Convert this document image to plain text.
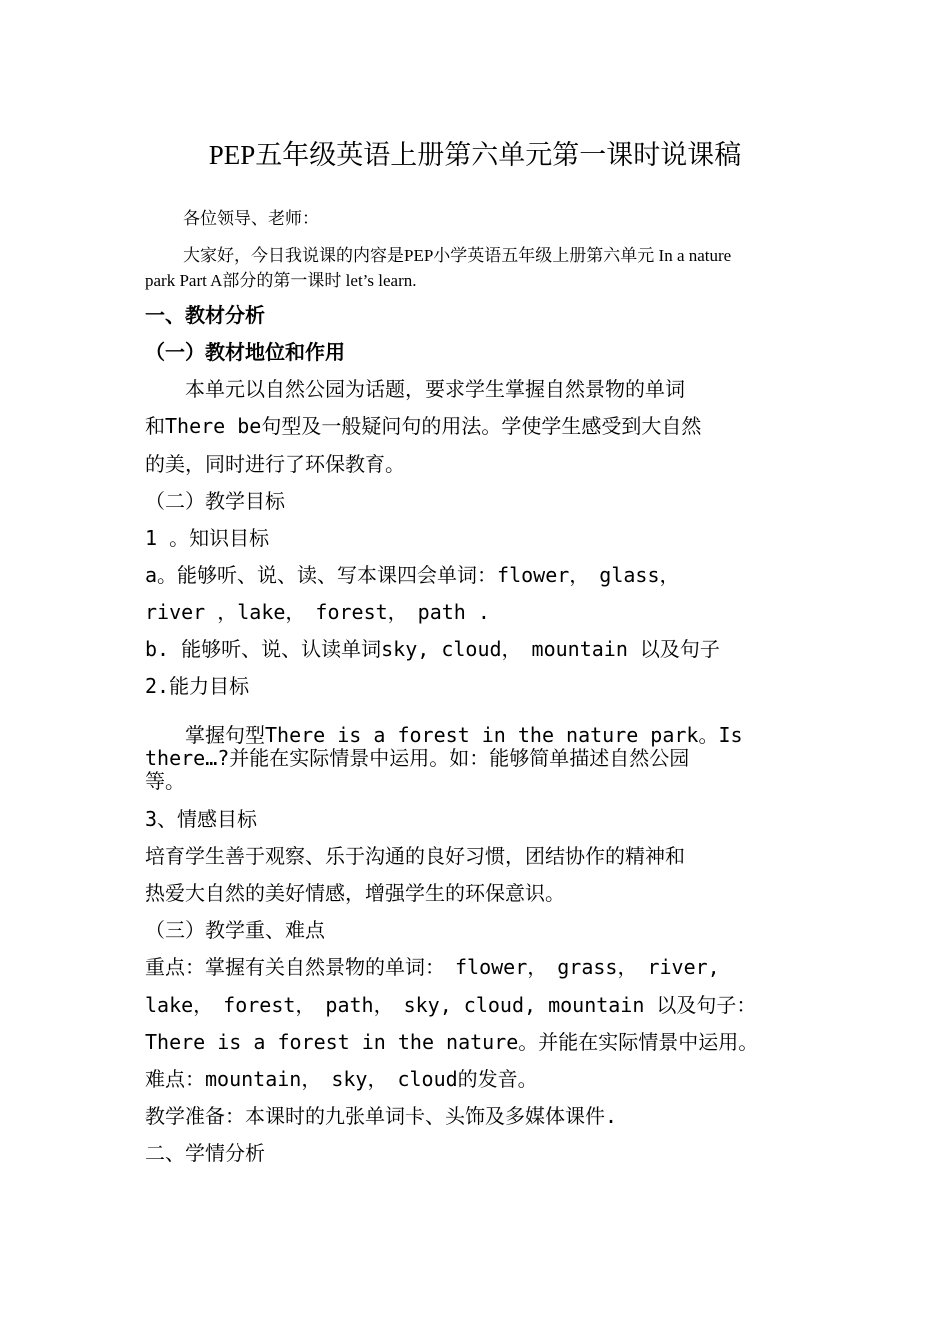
PEP五年级英语上册第六单元第一课时说课稿

各位领导、老师：

大家好，今日我说课的内容是PEP小学英语五年级上册第六单元 In a nature

park Part A部分的第一课时 let’s learn.

一、教材分析

（一）教材地位和作用

　　本单元以自然公园为话题，要求学生掌握自然景物的单词

和There be句型及一般疑问句的用法。学使学生感受到大自然

的美，同时进行了环保教育。

（二）教学目标

1 。知识目标

a。能够听、说、读、写本课四会单词：flower，　glass，

river ，lake，　forest，　path .

b. 能够听、说、认读单词sky, cloud，　mountain 以及句子

2.能力目标

　　掌握句型There is a forest in the nature park。Is

there…?并能在实际情景中运用。如：能够简单描述自然公园

等。

3、情感目标

培育学生善于观察、乐于沟通的良好习惯，团结协作的精神和

热爱大自然的美好情感，增强学生的环保意识。

（三）教学重、难点

重点：掌握有关自然景物的单词：　flower，　grass，　river,

lake，　forest，　path，　sky, cloud, mountain 以及句子：

There is a forest in the nature。并能在实际情景中运用。

难点：mountain，　sky，　cloud的发音。

教学准备：本课时的九张单词卡、头饰及多媒体课件.

二、学情分析
